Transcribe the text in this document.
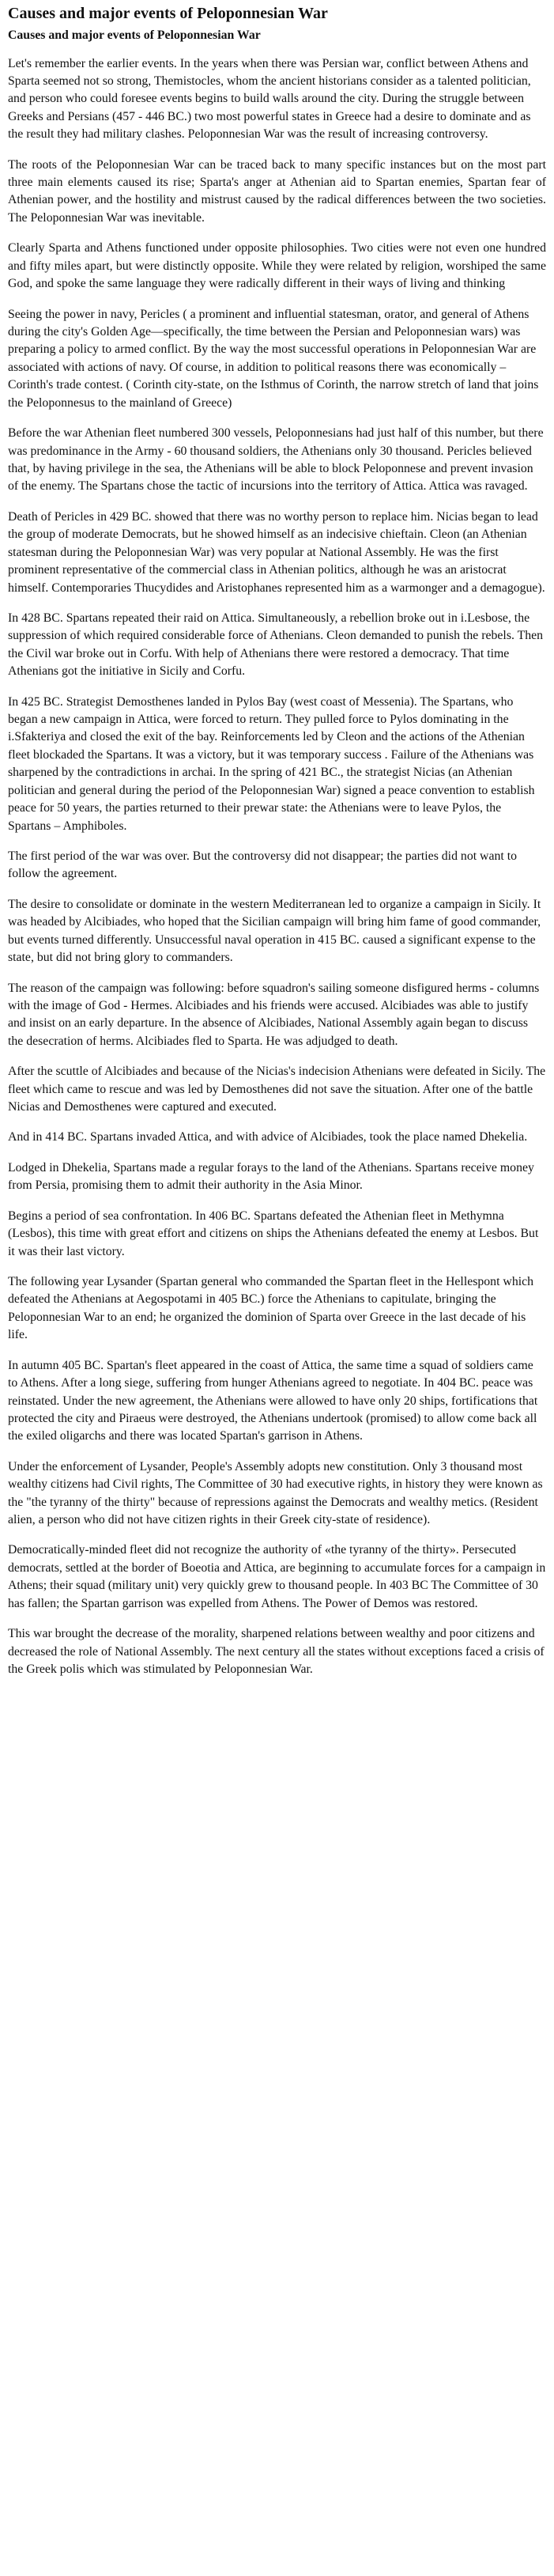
Causes and major events of Peloponnesian War
Causes and major events of Peloponnesian War

Let's remember the earlier events. In the years when there was Persian war, conflict between Athens and Sparta seemed not so strong, Themistocles, whom the ancient historians consider as a talented politician, and person who could foresee events begins to build walls around the city. During the struggle between Greeks and Persians (457 - 446 BC.) two most powerful states in Greece had a desire to dominate and as the result they had military clashes. Peloponnesian War was the result of increasing controversy.

The roots of the Peloponnesian War can be traced back to many specific instances but on the most part three main elements caused its rise; Sparta's anger at Athenian aid to Spartan enemies, Spartan fear of Athenian power, and the hostility and mistrust caused by the radical differences between the two societies. The Peloponnesian War was inevitable.

Clearly Sparta and Athens functioned under opposite philosophies. Two cities were not even one hundred and fifty miles apart, but were distinctly opposite. While they were related by religion, worshiped the same God, and spoke the same language they were radically different in their ways of living and thinking

Seeing the power in navy, Pericles ( a prominent and influential statesman, orator, and general of Athens during the city's Golden Age—specifically, the time between the Persian and Peloponnesian wars) was preparing a policy to armed conflict. By the way the most successful operations in Peloponnesian War are associated with actions of navy. Of course, in addition to political reasons there was economically – Corinth's trade contest. ( Corinth city-state, on the Isthmus of Corinth, the narrow stretch of land that joins the Peloponnesus to the mainland of Greece)

Before the war Athenian fleet numbered 300 vessels, Peloponnesians had just half of this number, but there was predominance in the Army - 60 thousand soldiers, the Athenians only 30 thousand. Pericles believed that, by having privilege in the sea, the Athenians will be able to block Peloponnese and prevent invasion of the enemy. The Spartans chose the tactic of incursions into the territory of Attica. Attica was ravaged.

Death of Pericles in 429 BC. showed that there was no worthy person to replace him. Nicias began to lead the group of moderate Democrats, but he showed himself as an indecisive chieftain. Cleon (an Athenian statesman during the Peloponnesian War) was very popular at National Assembly. He was the first prominent representative of the commercial class in Athenian politics, although he was an aristocrat himself. Contemporaries Thucydides and Aristophanes represented him as a warmonger and a demagogue).

In 428 BC. Spartans repeated their raid on Attica. Simultaneously, a rebellion broke out in i.Lesbose, the suppression of which required considerable force of Athenians. Cleon demanded to punish the rebels. Then the Civil war broke out in Corfu. With help of Athenians there were restored a democracy. That time Athenians got the initiative in Sicily and Corfu.

In 425 BC. Strategist Demosthenes landed in Pylos Bay (west coast of Messenia). The Spartans, who began a new campaign in Attica, were forced to return. They pulled force to Pylos dominating in the i.Sfakteriya and closed the exit of the bay. Reinforcements led by Cleon and the actions of the Athenian fleet blockaded the Spartans. It was a victory, but it was temporary success . Failure of the Athenians was sharpened by the contradictions in archai. In the spring of 421 BC., the strategist Nicias (an Athenian politician and general during the period of the Peloponnesian War) signed a peace convention to establish peace for 50 years, the parties returned to their prewar state: the Athenians were to leave Pylos, the Spartans – Amphiboles.

The first period of the war was over. But the controversy did not disappear; the parties did not want to follow the agreement.

The desire to consolidate or dominate in the western Mediterranean led to organize a campaign in Sicily. It was headed by Alcibiades, who hoped that the Sicilian campaign will bring him fame of good commander, but events turned differently. Unsuccessful naval operation in 415 BC. caused a significant expense to the state, but did not bring glory to commanders.

The reason of the campaign was following: before squadron's sailing someone disfigured herms - columns with the image of God - Hermes. Alcibiades and his friends were accused. Alcibiades was able to justify and insist on an early departure. In the absence of Alcibiades, National Assembly again began to discuss the desecration of herms. Alcibiades fled to Sparta. He was adjudged to death.

After the scuttle of Alcibiades and because of the Nicias's indecision Athenians were defeated in Sicily. The fleet which came to rescue and was led by Demosthenes did not save the situation. After one of the battle Nicias and Demosthenes were captured and executed.

And in 414 BC. Spartans invaded Attica, and with advice of Alcibiades, took the place named Dhekelia.

Lodged in Dhekelia, Spartans made a regular forays to the land of the Athenians. Spartans receive money from Persia, promising them to admit their authority in the Asia Minor.

Begins a period of sea confrontation. In 406 BC. Spartans defeated the Athenian fleet in Methymna (Lesbos), this time with great effort and citizens on ships the Athenians defeated the enemy at Lesbos. But it was their last victory.

The following year Lysander (Spartan general who commanded the Spartan fleet in the Hellespont which defeated the Athenians at Aegospotami in 405 BC.) force the Athenians to capitulate, bringing the Peloponnesian War to an end; he organized the dominion of Sparta over Greece in the last decade of his life.

In autumn 405 BC. Spartan's fleet appeared in the coast of Attica, the same time a squad of soldiers came to Athens. After a long siege, suffering from hunger Athenians agreed to negotiate. In 404 BC. peace was reinstated. Under the new agreement, the Athenians were allowed to have only 20 ships, fortifications that protected the city and Piraeus were destroyed, the Athenians undertook (promised) to allow come back all the exiled oligarchs and there was located Spartan's garrison in Athens.

Under the enforcement of Lysander, People's Assembly adopts new constitution. Only 3 thousand most wealthy citizens had Civil rights, The Committee of 30 had executive rights, in history they were known as the "the tyranny of the thirty" because of repressions against the Democrats and wealthy metics. (Resident alien, a person who did not have citizen rights in their Greek city-state of residence).

Democratically-minded fleet did not recognize the authority of «the tyranny of the thirty». Persecuted democrats, settled at the border of Boeotia and Attica, are beginning to accumulate forces for a campaign in Athens; their squad (military unit) very quickly grew to thousand people. In 403 BC The Committee of 30 has fallen; the Spartan garrison was expelled from Athens. The Power of Demos was restored.

This war brought the decrease of the morality, sharpened relations between wealthy and poor citizens and decreased the role of National Assembly. The next century all the states without exceptions faced a crisis of the Greek polis which was stimulated by Peloponnesian War.
